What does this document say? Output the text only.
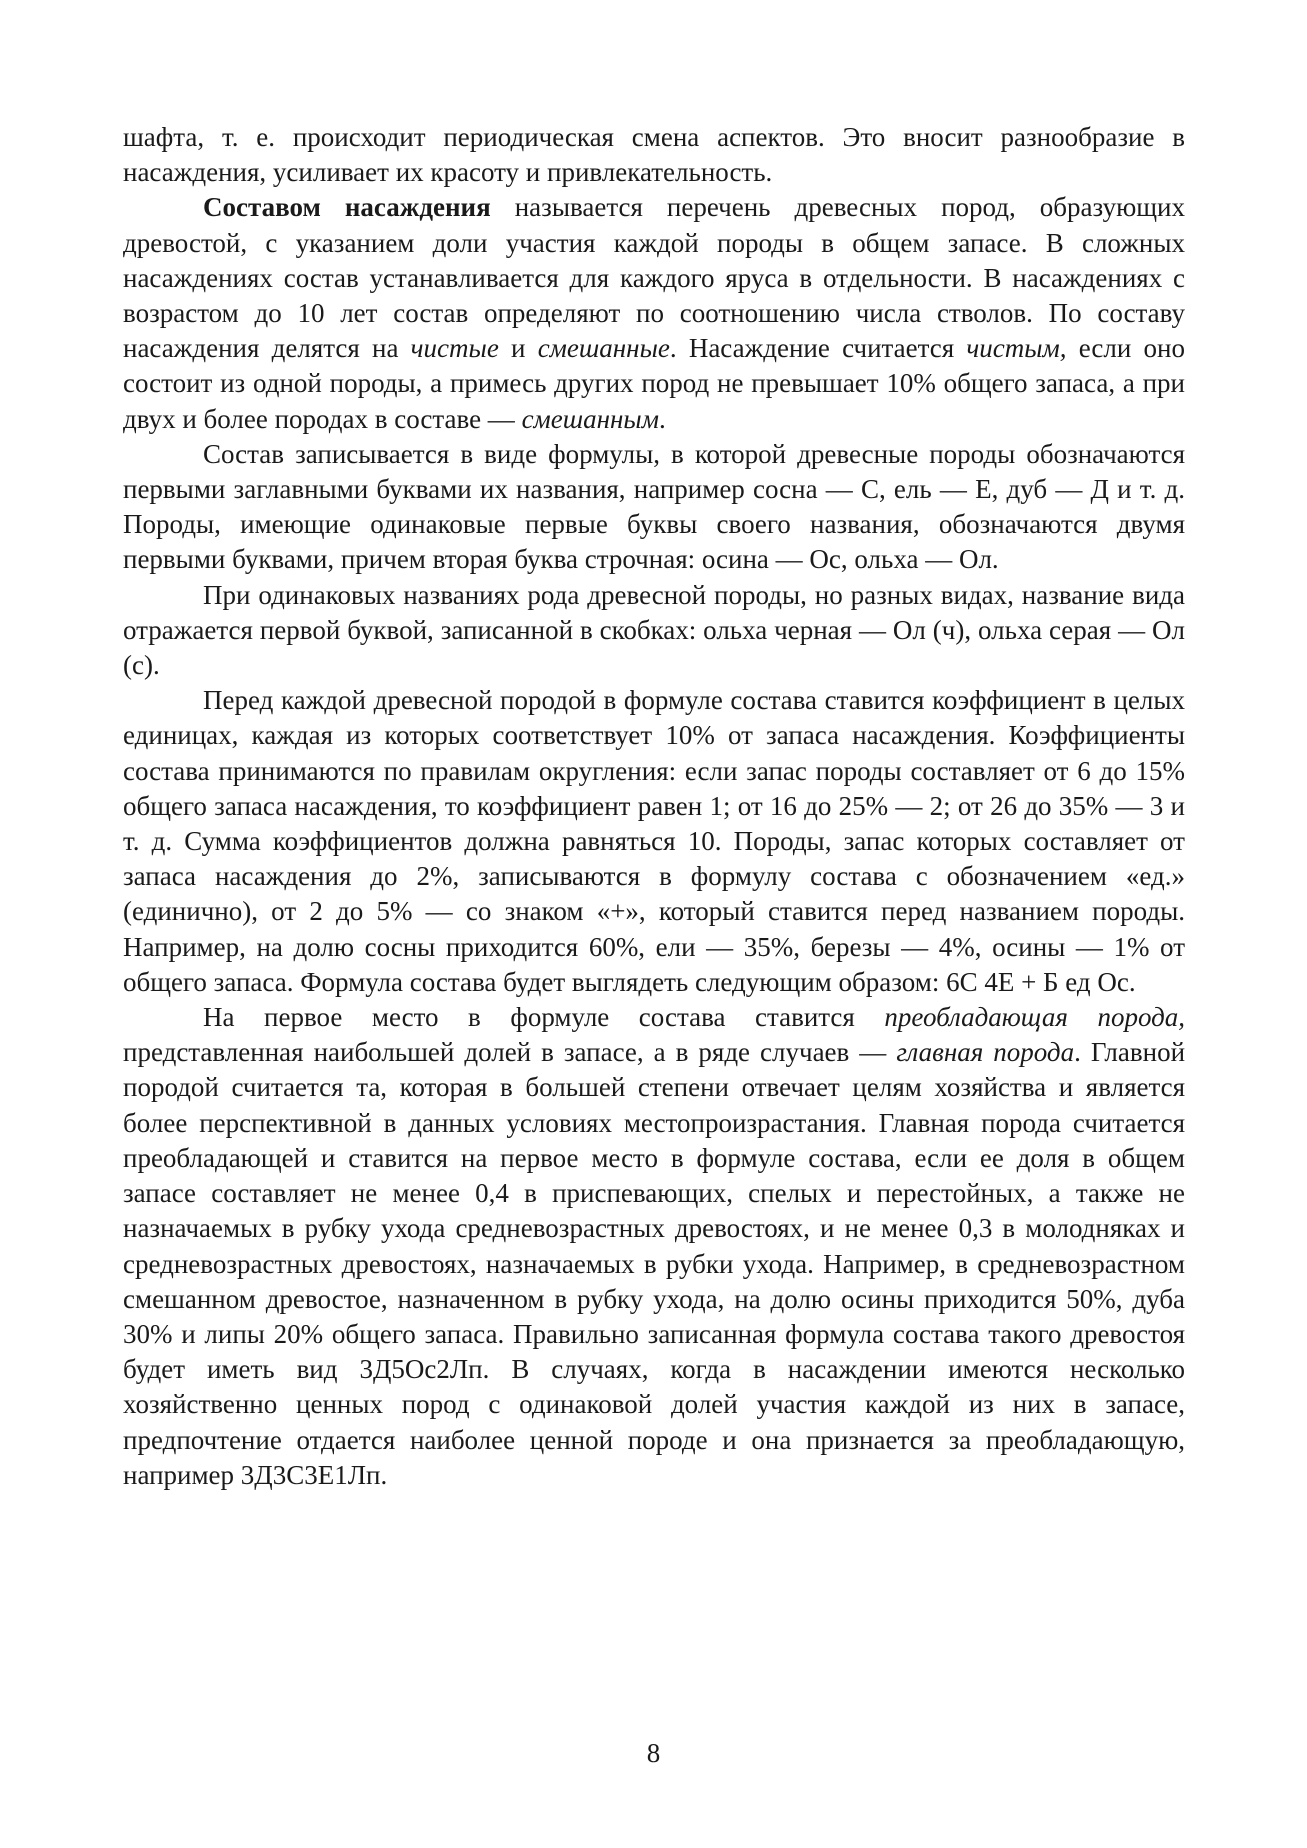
шафта, т. е. происходит периодическая смена аспектов. Это вносит разнообразие в насаждения, усиливает их красоту и привлекательность.

Составом насаждения называется перечень древесных пород, образующих древостой, с указанием доли участия каждой породы в общем запасе. В сложных насаждениях состав устанавливается для каждого яруса в отдельности. В насаждениях с возрастом до 10 лет состав определяют по соотношению числа стволов. По составу насаждения делятся на чистые и смешанные. Насаждение считается чистым, если оно состоит из одной породы, а примесь других пород не превышает 10% общего запаса, а при двух и более породах в составе — смешанным.

Состав записывается в виде формулы, в которой древесные породы обозначаются первыми заглавными буквами их названия, например сосна — С, ель — Е, дуб — Д и т. д. Породы, имеющие одинаковые первые буквы своего названия, обозначаются двумя первыми буквами, причем вторая буква строчная: осина — Ос, ольха — Ол.

При одинаковых названиях рода древесной породы, но разных видах, название вида отражается первой буквой, записанной в скобках: ольха черная — Ол (ч), ольха серая — Ол (с).

Перед каждой древесной породой в формуле состава ставится коэффициент в целых единицах, каждая из которых соответствует 10% от запаса насаждения. Коэффициенты состава принимаются по правилам округления: если запас породы составляет от 6 до 15% общего запаса насаждения, то коэффициент равен 1; от 16 до 25% — 2; от 26 до 35% — 3 и т. д. Сумма коэффициентов должна равняться 10. Породы, запас которых составляет от запаса насаждения до 2%, записываются в формулу состава с обозначением «ед.» (единично), от 2 до 5% — со знаком «+», который ставится перед названием породы. Например, на долю сосны приходится 60%, ели — 35%, березы — 4%, осины — 1% от общего запаса. Формула состава будет выглядеть следующим образом: 6С 4Е + Б ед Ос.

На первое место в формуле состава ставится преобладающая порода, представленная наибольшей долей в запасе, а в ряде случаев — главная порода. Главной породой считается та, которая в большей степени отвечает целям хозяйства и является более перспективной в данных условиях местопроизрастания. Главная порода считается преобладающей и ставится на первое место в формуле состава, если ее доля в общем запасе составляет не менее 0,4 в приспевающих, спелых и перестойных, а также не назначаемых в рубку ухода средневозрастных древостоях, и не менее 0,3 в молодняках и средневозрастных древостоях, назначаемых в рубки ухода. Например, в средневозрастном смешанном древостое, назначенном в рубку ухода, на долю осины приходится 50%, дуба 30% и липы 20% общего запаса. Правильно записанная формула состава такого древостоя будет иметь вид 3Д5Ос2Лп. В случаях, когда в насаждении имеются несколько хозяйственно ценных пород с одинаковой долей участия каждой из них в запасе, предпочтение отдается наиболее ценной породе и она признается за преобладающую, например 3Д3С3Е1Лп.

8
